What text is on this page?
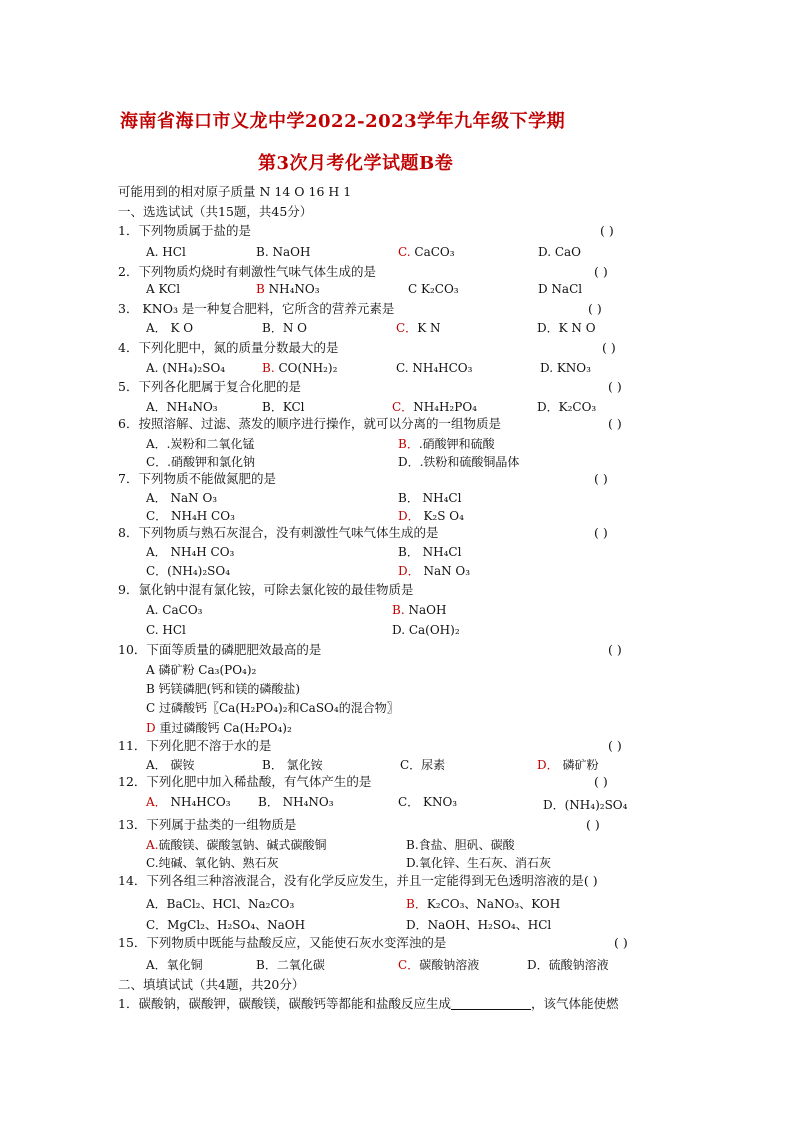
海南省海口市义龙中学2022-2023学年九年级下学期
第3次月考化学试题B卷
可能用到的相对原子质量 N 14 O 16 H 1
一、选选试试（共15题，共45分）
1．下列物质属于盐的是	( )
A. HCl	B. NaOH	C. CaCO₃	D. CaO
2．下列物质灼烧时有刺激性气味气体生成的是	( )
A KCl	B NH₄NO₃	C K₂CO₃	D NaCl
3． KNO₃ 是一种复合肥料，它所含的营养元素是	( )
A． K O	B．N O	C．K N	D．K N O
4．下列化肥中，氮的质量分数最大的是	( )
A. (NH₄)₂SO₄	B. CO(NH₂)₂	C. NH₄HCO₃	D. KNO₃
5．下列各化肥属于复合化肥的是	( )
A．NH₄NO₃	B．KCl	C．NH₄H₂PO₄	D．K₂CO₃
6．按照溶解、过滤、蒸发的顺序进行操作，就可以分离的一组物质是	( )
A．.炭粉和二氧化锰	B．.硝酸钾和硫酸
C．.硝酸钾和氯化钠	D．.铁粉和硫酸铜晶体
7．下列物质不能做氮肥的是	( )
A． NaN O₃	B． NH₄Cl
C． NH₄H CO₃	D． K₂S O₄
8．下列物质与熟石灰混合，没有刺激性气味气体生成的是	( )
A． NH₄H CO₃	B． NH₄Cl
C．(NH₄)₂SO₄	D． NaN O₃
9．氯化钠中混有氯化铵，可除去氯化铵的最佳物质是
A. CaCO₃	B. NaOH
C. HCl	D. Ca(OH)₂
10．下面等质量的磷肥肥效最高的是	( )
A 磷矿粉 Ca₃(PO₄)₂
B 钙镁磷肥(钙和镁的磷酸盐)
C 过磷酸钙〖Ca(H₂PO₄)₂和CaSO₄的混合物〗
D 重过磷酸钙 Ca(H₂PO₄)₂
11．下列化肥不溶于水的是	( )
A． 碳铵	B． 氯化铵	C．尿素	D． 磷矿粉
12．下列化肥中加入稀盐酸，有气体产生的是	( )
A． NH₄HCO₃ B． NH₄NO₃	C． KNO₃	D．(NH₄)₂SO₄
13．下列属于盐类的一组物质是	( )
A.硫酸镁、碳酸氢钠、碱式碳酸铜	B.食盐、胆矾、碳酸
C.纯碱、氧化钠、熟石灰	D.氧化锌、生石灰、消石灰
14．下列各组三种溶液混合，没有化学反应发生，并且一定能得到无色透明溶液的是( )
A．BaCl₂、HCl、Na₂CO₃	B．K₂CO₃、NaNO₃、KOH
C．MgCl₂、H₂SO₄、NaOH	D．NaOH、H₂SO₄、HCl
15．下列物质中既能与盐酸反应，又能使石灰水变浑浊的是	( )
A．氧化铜	B．二氧化碳	C．碳酸钠溶液	D．硫酸钠溶液
二、填填试试（共4题，共20分）
1．碳酸钠，碳酸钾，碳酸镁，碳酸钙等都能和盐酸反应生成	，该气体能使燃
